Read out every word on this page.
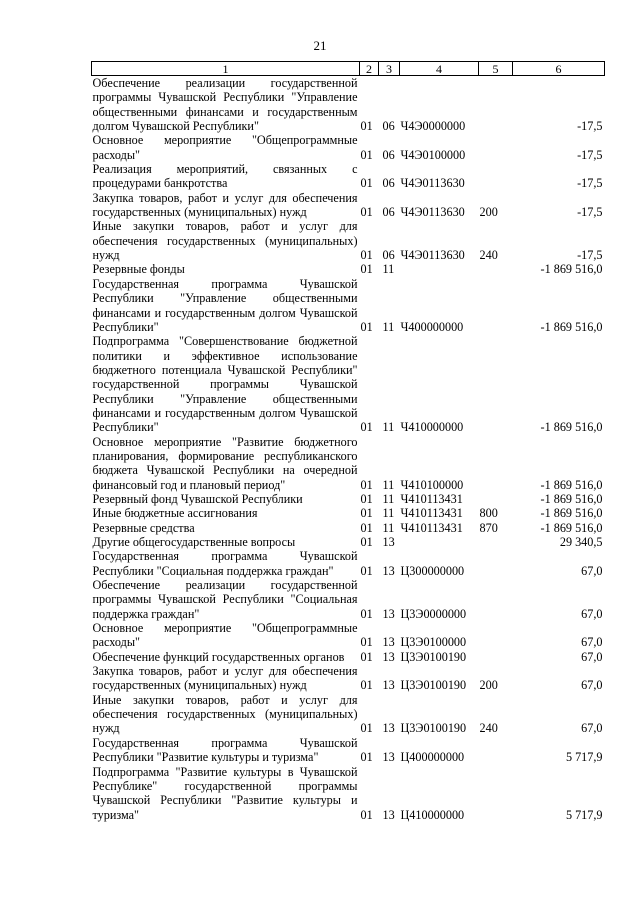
21
1	2	3	4	5	6
Обеспечение реализации государственной программы Чувашской Республики "Управление общественными финансами и государственным долгом Чувашской Республики"	01	06	Ч4Э0000000		-17,5
Основное мероприятие "Общепрограммные расходы"	01	06	Ч4Э0100000		-17,5
Реализация мероприятий, связанных с процедурами банкротства	01	06	Ч4Э0113630		-17,5
Закупка товаров, работ и услуг для обеспечения государственных (муниципальных) нужд	01	06	Ч4Э0113630	200	-17,5
Иные закупки товаров, работ и услуг для обеспечения государственных (муниципальных) нужд	01	06	Ч4Э0113630	240	-17,5
Резервные фонды	01	11			-1 869 516,0
Государственная программа Чувашской Республики "Управление общественными финансами и государственным долгом Чувашской Республики"	01	11	Ч400000000		-1 869 516,0
Подпрограмма "Совершенствование бюджетной политики и эффективное использование бюджетного потенциала Чувашской Республики" государственной программы Чувашской Республики "Управление общественными финансами и государственным долгом Чувашской Республики"	01	11	Ч410000000		-1 869 516,0
Основное мероприятие "Развитие бюджетного планирования, формирование республиканского бюджета Чувашской Республики на очередной финансовый год и плановый период"	01	11	Ч410100000		-1 869 516,0
Резервный фонд Чувашской Республики	01	11	Ч410113431		-1 869 516,0
Иные бюджетные ассигнования	01	11	Ч410113431	800	-1 869 516,0
Резервные средства	01	11	Ч410113431	870	-1 869 516,0
Другие общегосударственные вопросы	01	13			29 340,5
Государственная программа Чувашской Республики "Социальная поддержка граждан"	01	13	Ц300000000		67,0
Обеспечение реализации государственной программы Чувашской Республики "Социальная поддержка граждан"	01	13	Ц3Э0000000		67,0
Основное мероприятие "Общепрограммные расходы"	01	13	Ц3Э0100000		67,0
Обеспечение функций государственных органов	01	13	Ц3Э0100190		67,0
Закупка товаров, работ и услуг для обеспечения государственных (муниципальных) нужд	01	13	Ц3Э0100190	200	67,0
Иные закупки товаров, работ и услуг для обеспечения государственных (муниципальных) нужд	01	13	Ц3Э0100190	240	67,0
Государственная программа Чувашской Республики "Развитие культуры и туризма"	01	13	Ц400000000		5 717,9
Подпрограмма "Развитие культуры в Чувашской Республике" государственной программы Чувашской Республики "Развитие культуры и туризма"	01	13	Ц410000000		5 717,9
